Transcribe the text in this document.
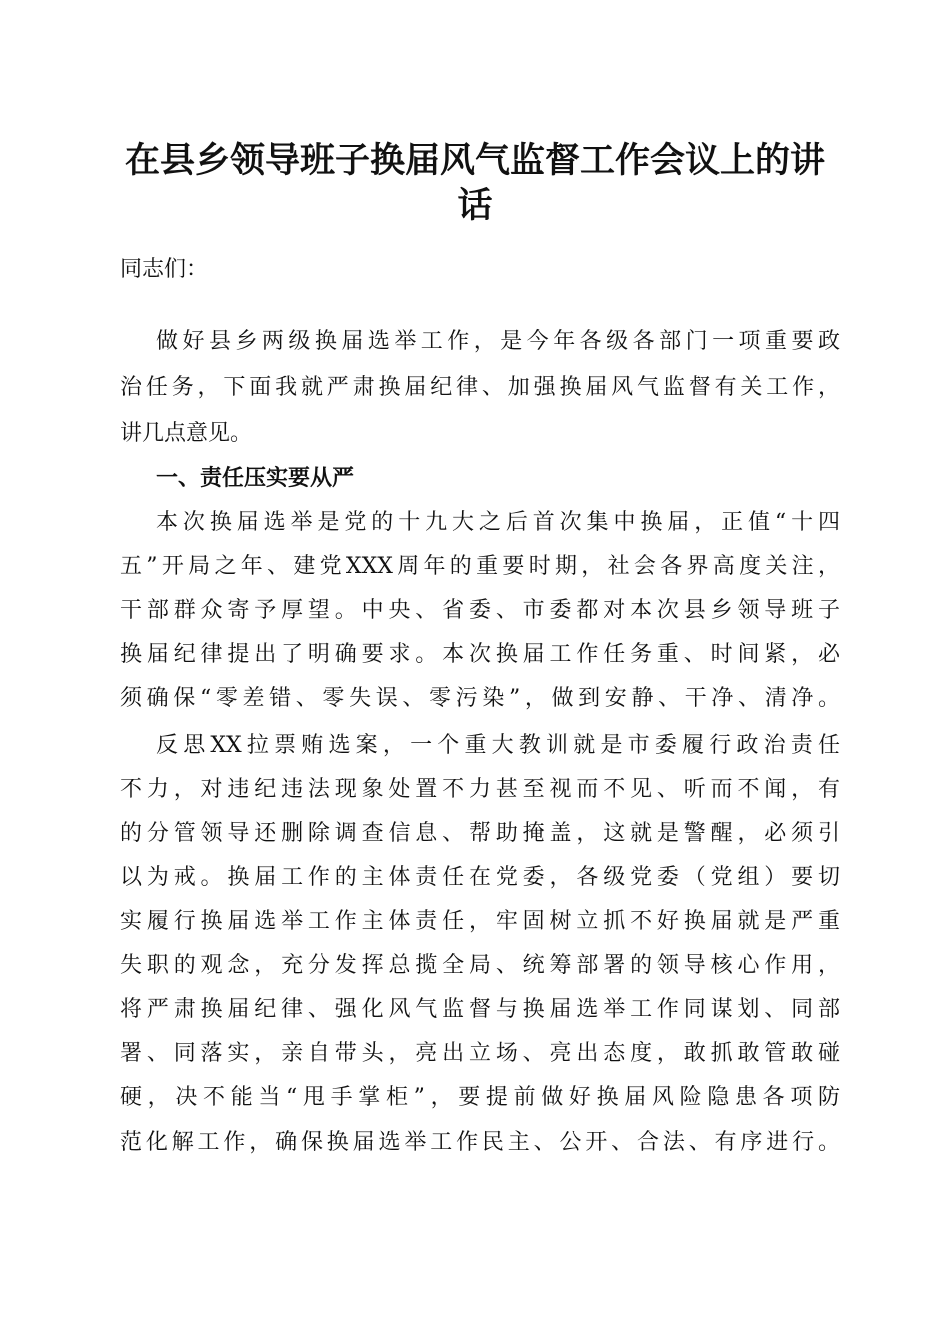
在县乡领导班子换届风气监督工作会议上的讲
话
同志们：
做好县乡两级换届选举工作，是今年各级各部门一项重要政
治任务，下面我就严肃换届纪律、加强换届风气监督有关工作，
讲几点意见。
一、责任压实要从严
本次换届选举是党的十九大之后首次集中换届，正值“十四
五”开局之年、建党XXX周年的重要时期，社会各界高度关注，
干部群众寄予厚望。中央、省委、市委都对本次县乡领导班子
换届纪律提出了明确要求。本次换届工作任务重、时间紧，必
须确保“零差错、零失误、零污染”，做到安静、干净、清净。
反思XX拉票贿选案，一个重大教训就是市委履行政治责任
不力，对违纪违法现象处置不力甚至视而不见、听而不闻，有
的分管领导还删除调查信息、帮助掩盖，这就是警醒，必须引
以为戒。换届工作的主体责任在党委，各级党委（党组）要切
实履行换届选举工作主体责任，牢固树立抓不好换届就是严重
失职的观念，充分发挥总揽全局、统筹部署的领导核心作用，
将严肃换届纪律、强化风气监督与换届选举工作同谋划、同部
署、同落实，亲自带头，亮出立场、亮出态度，敢抓敢管敢碰
硬，决不能当“甩手掌柜”，要提前做好换届风险隐患各项防
范化解工作，确保换届选举工作民主、公开、合法、有序进行。
